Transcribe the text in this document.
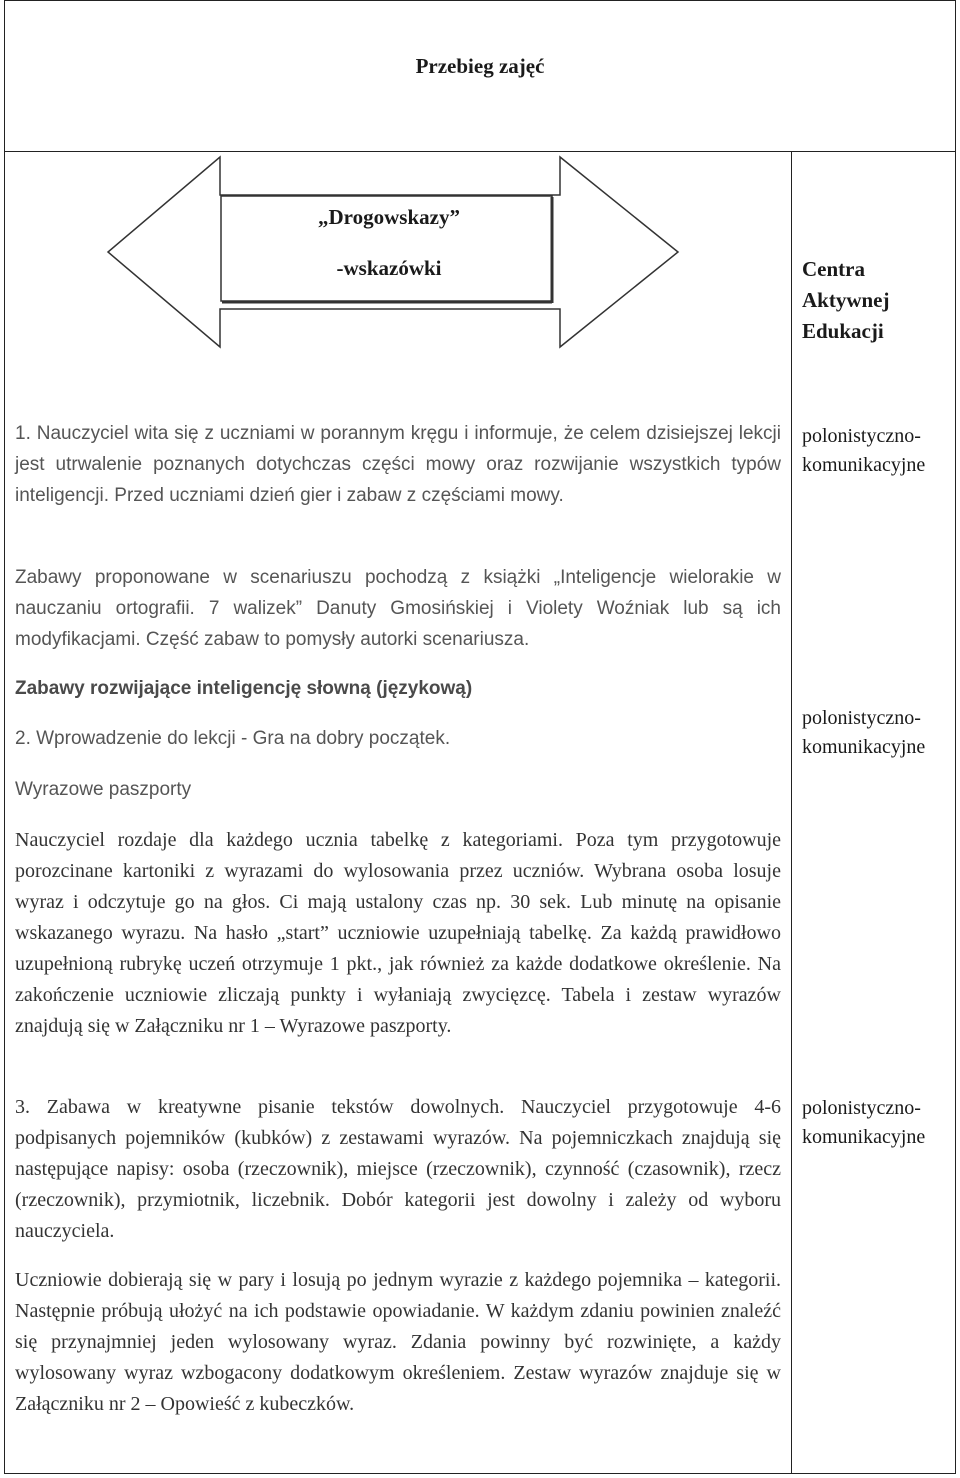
Przebieg zajęć
„Drogowskazy”
-wskazówki	Centra
Aktywnej
Edukacji
polonistyczno-
komunikacyjne
polonistyczno-
komunikacyjne
polonistyczno-
komunikacyjne

1. Nauczyciel wita się z uczniami w porannym kręgu i informuje, że celem dzisiejszej lekcji jest utrwalenie poznanych dotychczas części mowy oraz rozwijanie wszystkich typów inteligencji. Przed uczniami dzień gier i zabaw z częściami mowy.

Zabawy proponowane w scenariuszu pochodzą z książki „Inteligencje wielorakie w nauczaniu ortografii. 7 walizek” Danuty Gmosińskiej i Violety Woźniak lub są ich modyfikacjami. Część zabaw to pomysły autorki scenariusza.

Zabawy rozwijające inteligencję słowną (językową)

2. Wprowadzenie do lekcji - Gra na dobry początek.

Wyrazowe paszporty

Nauczyciel rozdaje dla każdego ucznia tabelkę z kategoriami. Poza tym przygotowuje porozcinane kartoniki z wyrazami do wylosowania przez uczniów. Wybrana osoba losuje wyraz i odczytuje go na głos. Ci mają ustalony czas np. 30 sek. Lub minutę na opisanie wskazanego wyrazu. Na hasło „start” uczniowie uzupełniają tabelkę. Za każdą prawidłowo uzupełnioną rubrykę uczeń otrzymuje 1 pkt., jak również za każde dodatkowe określenie. Na zakończenie uczniowie zliczają punkty i wyłaniają zwycięzcę. Tabela i zestaw wyrazów znajdują się w Załączniku nr 1 – Wyrazowe paszporty.

3. Zabawa w kreatywne pisanie tekstów dowolnych. Nauczyciel przygotowuje 4-6 podpisanych pojemników (kubków) z zestawami wyrazów. Na pojemniczkach znajdują się następujące napisy: osoba (rzeczownik), miejsce (rzeczownik), czynność (czasownik), rzecz (rzeczownik), przymiotnik, liczebnik. Dobór kategorii jest dowolny i zależy od wyboru nauczyciela.

Uczniowie dobierają się w pary i losują po jednym wyrazie z każdego pojemnika – kategorii. Następnie próbują ułożyć na ich podstawie opowiadanie. W każdym zdaniu powinien znaleźć się przynajmniej jeden wylosowany wyraz. Zdania powinny być rozwinięte, a każdy wylosowany wyraz wzbogacony dodatkowym określeniem. Zestaw wyrazów znajduje się w Załączniku nr 2 – Opowieść z kubeczków.
